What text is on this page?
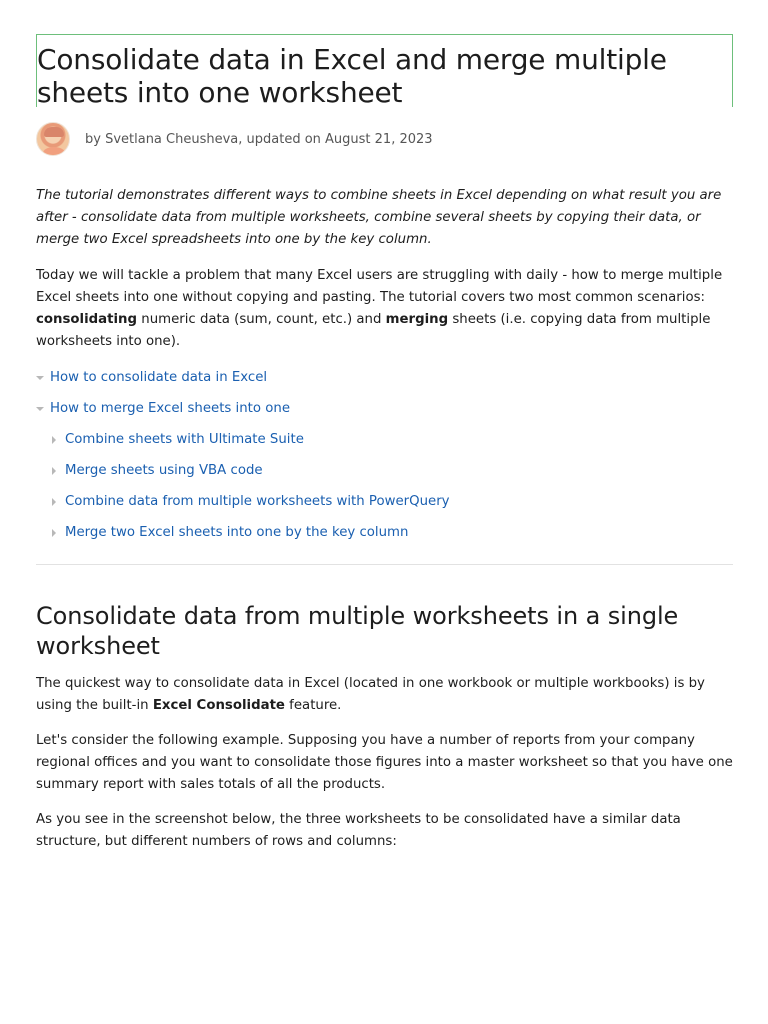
Consolidate data in Excel and merge multiple sheets into one worksheet
by Svetlana Cheusheva, updated on August 21, 2023

The tutorial demonstrates different ways to combine sheets in Excel depending on what result you are after - consolidate data from multiple worksheets, combine several sheets by copying their data, or merge two Excel spreadsheets into one by the key column.

Today we will tackle a problem that many Excel users are struggling with daily - how to merge multiple Excel sheets into one without copying and pasting. The tutorial covers two most common scenarios: consolidating numeric data (sum, count, etc.) and merging sheets (i.e. copying data from multiple worksheets into one).

How to consolidate data in Excel
How to merge Excel sheets into one
Combine sheets with Ultimate Suite
Merge sheets using VBA code
Combine data from multiple worksheets with PowerQuery
Merge two Excel sheets into one by the key column
Consolidate data from multiple worksheets in a single worksheet

The quickest way to consolidate data in Excel (located in one workbook or multiple workbooks) is by using the built-in Excel Consolidate feature.

Let's consider the following example. Supposing you have a number of reports from your company regional offices and you want to consolidate those figures into a master worksheet so that you have one summary report with sales totals of all the products.

As you see in the screenshot below, the three worksheets to be consolidated have a similar data structure, but different numbers of rows and columns:
